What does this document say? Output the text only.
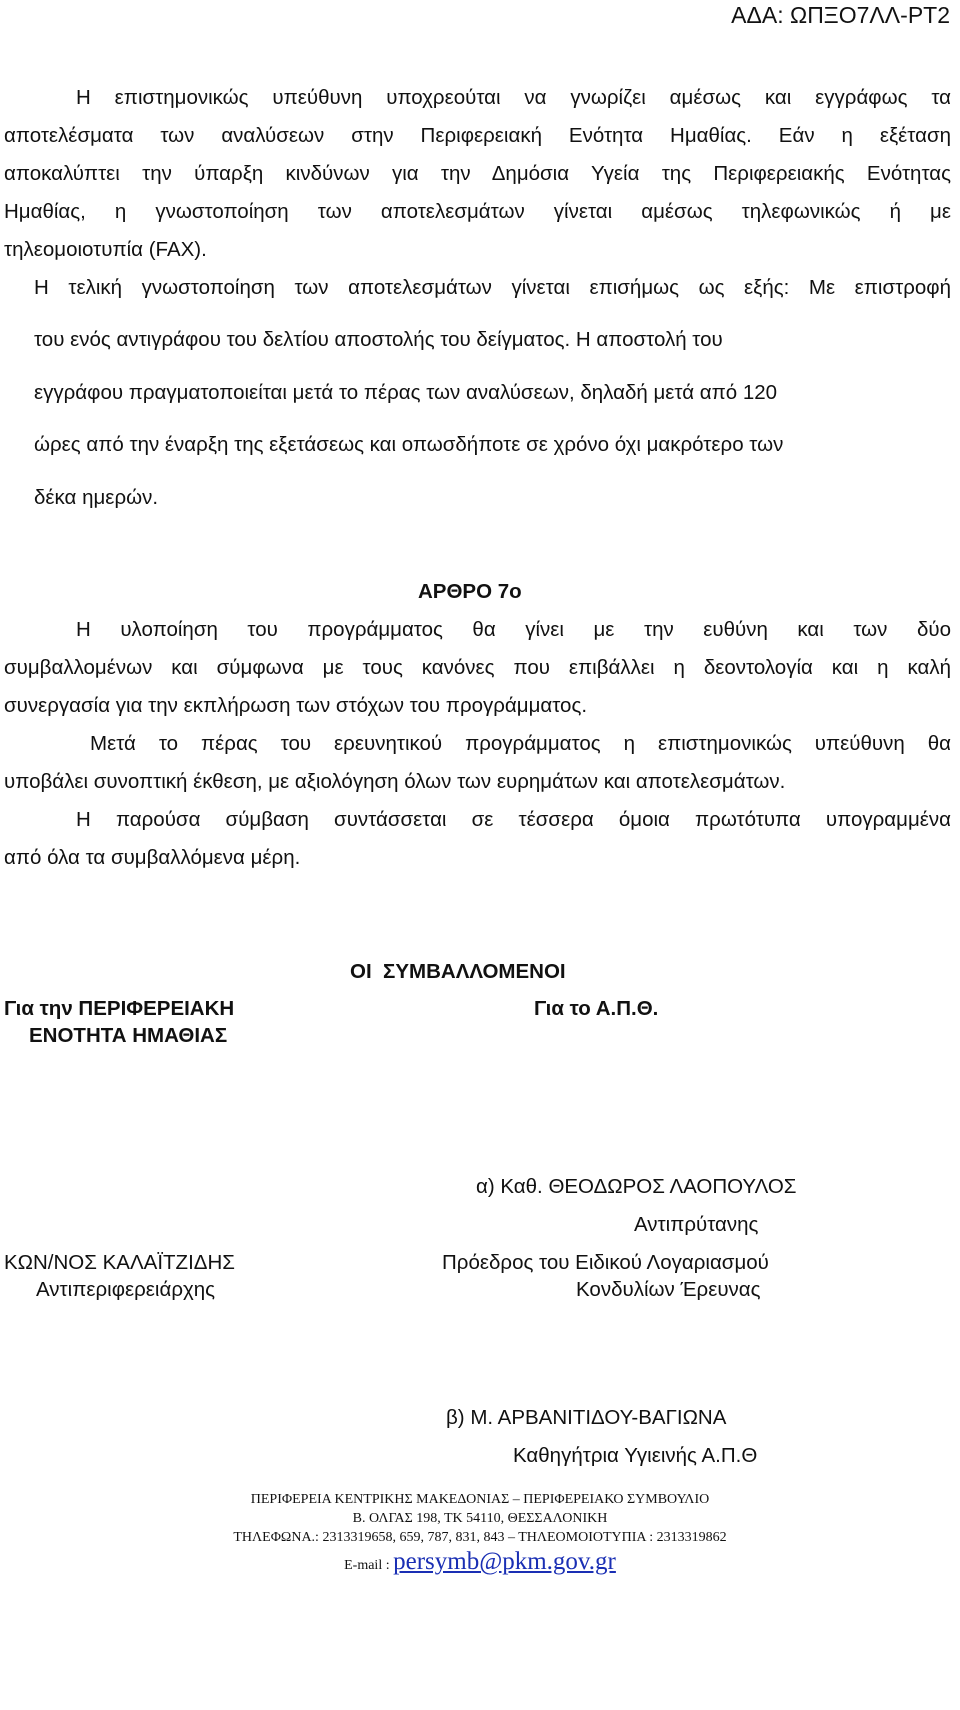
ΑΔΑ: ΩΠΞΟ7ΛΛ-ΡΤ2
Η επιστημονικώς υπεύθυνη υποχρεούται να γνωρίζει αμέσως και εγγράφως τα
αποτελέσματα των αναλύσεων στην Περιφερειακή Ενότητα Ημαθίας. Εάν η εξέταση
αποκαλύπτει την ύπαρξη κινδύνων για την Δημόσια Υγεία της Περιφερειακής Ενότητας
Ημαθίας, η γνωστοποίηση των αποτελεσμάτων γίνεται αμέσως τηλεφωνικώς ή με
τηλεομοιοτυπία (FAX).
Η τελική γνωστοποίηση των αποτελεσμάτων γίνεται επισήμως ως εξής: Με επιστροφή
του ενός αντιγράφου του δελτίου αποστολής του δείγματος. Η αποστολή του
εγγράφου πραγματοποιείται μετά το πέρας των αναλύσεων, δηλαδή μετά από 120
ώρες από την έναρξη της εξετάσεως και οπωσδήποτε σε χρόνο όχι μακρότερο των
δέκα ημερών.
ΑΡΘΡΟ 7ο
Η υλοποίηση του προγράμματος θα γίνει με την ευθύνη και των δύο
συμβαλλομένων και σύμφωνα με τους κανόνες που επιβάλλει η δεοντολογία και η καλή
συνεργασία για την εκπλήρωση των στόχων του προγράμματος.
Μετά το πέρας του ερευνητικού προγράμματος η επιστημονικώς υπεύθυνη θα
υποβάλει συνοπτική έκθεση, με αξιολόγηση όλων των ευρημάτων και αποτελεσμάτων.
Η παρούσα σύμβαση συντάσσεται σε τέσσερα όμοια πρωτότυπα υπογραμμένα
από όλα τα συμβαλλόμενα μέρη.
ΟΙ  ΣΥΜΒΑΛΛΟΜΕΝΟΙ
Για την ΠΕΡΙΦΕΡΕΙΑΚΗ
ΕΝΟΤΗΤΑ ΗΜΑΘΙΑΣ
Για το Α.Π.Θ.
α) Καθ. ΘΕΟΔΩΡΟΣ ΛΑΟΠΟΥΛΟΣ
Αντιπρύτανης
Πρόεδρος του Ειδικού Λογαριασμού
Κονδυλίων Έρευνας
ΚΩΝ/ΝΟΣ ΚΑΛΑΪΤΖΙΔΗΣ
Αντιπεριφερειάρχης
β) Μ. ΑΡΒΑΝΙΤΙΔΟΥ-ΒΑΓΙΩΝΑ
Καθηγήτρια Υγιεινής Α.Π.Θ
ΠΕΡΙΦΕΡΕΙΑ ΚΕΝΤΡΙΚΗΣ ΜΑΚΕΔΟΝΙΑΣ – ΠΕΡΙΦΕΡΕΙΑΚΟ ΣΥΜΒΟΥΛΙΟ
Β. ΟΛΓΑΣ 198, ΤΚ 54110, ΘΕΣΣΑΛΟΝΙΚΗ
ΤΗΛΕΦΩΝΑ.: 2313319658, 659, 787, 831, 843 – ΤΗΛΕΟΜΟΙΟΤΥΠΙΑ : 2313319862
E-mail : persymb@pkm.gov.gr
